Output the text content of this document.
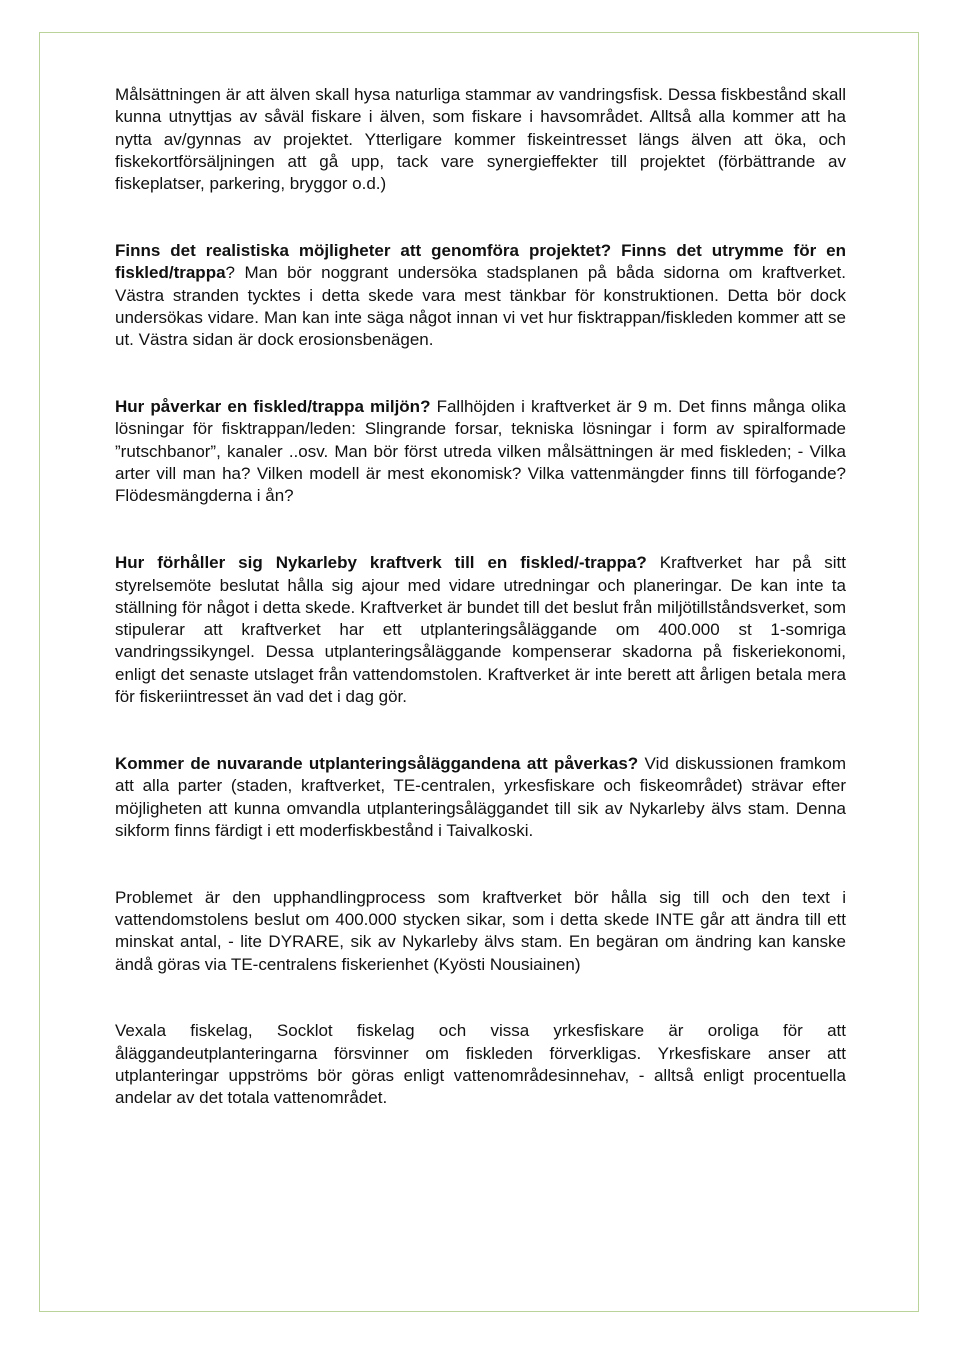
Målsättningen är att älven skall hysa naturliga stammar av vandringsfisk. Dessa fiskbestånd skall kunna utnyttjas av såväl fiskare i älven, som fiskare i havsområdet. Alltså alla kommer att ha nytta av/gynnas av projektet. Ytterligare kommer fiskeintresset längs älven att öka, och fiskekortförsäljningen att gå upp, tack vare synergieffekter till projektet (förbättrande av fiskeplatser, parkering, bryggor o.d.)

Finns det realistiska möjligheter att genomföra projektet? Finns det utrymme för en fiskled/trappa? Man bör noggrant undersöka stadsplanen på båda sidorna om kraftverket. Västra stranden tycktes i detta skede vara mest tänkbar för konstruktionen. Detta bör dock undersökas vidare. Man kan inte säga något innan vi vet hur fisktrappan/fiskleden kommer att se ut. Västra sidan är dock erosionsbenägen.

Hur påverkar en fiskled/trappa miljön? Fallhöjden i kraftverket är 9 m. Det finns många olika lösningar för fisktrappan/leden: Slingrande forsar, tekniska lösningar i form av spiralformade ”rutschbanor”, kanaler ..osv. Man bör först utreda vilken målsättningen är med fiskleden; - Vilka arter vill man ha? Vilken modell är mest ekonomisk? Vilka vattenmängder finns till förfogande? Flödesmängderna i ån?

Hur förhåller sig Nykarleby kraftverk till en fiskled/-trappa? Kraftverket har på sitt styrelsemöte beslutat hålla sig ajour med vidare utredningar och planeringar. De kan inte ta ställning för något i detta skede. Kraftverket är bundet till det beslut från miljötillståndsverket, som stipulerar att kraftverket har ett utplanteringsåläggande om 400.000 st 1-somriga vandringssikyngel. Dessa utplanteringsåläggande kompenserar skadorna på fiskeriekonomi, enligt det senaste utslaget från vattendomstolen. Kraftverket är inte berett att årligen betala mera för fiskeriintresset än vad det i dag gör.

Kommer de nuvarande utplanteringsåläggandena att påverkas? Vid diskussionen framkom att alla parter (staden, kraftverket, TE-centralen, yrkesfiskare och fiskeområdet) strävar efter möjligheten att kunna omvandla utplanteringsåläggandet till sik av Nykarleby älvs stam. Denna sikform finns färdigt i ett moderfiskbestånd i Taivalkoski.

Problemet är den upphandlingprocess som kraftverket bör hålla sig till och den text i vattendomstolens beslut om 400.000 stycken sikar, som i detta skede INTE går att ändra till ett minskat antal, - lite DYRARE, sik av Nykarleby älvs stam. En begäran om ändring kan kanske ändå göras via TE-centralens fiskerienhet (Kyösti Nousiainen)

Vexala fiskelag, Socklot fiskelag och vissa yrkesfiskare är oroliga för att åläggandeutplanteringarna försvinner om fiskleden förverkligas. Yrkesfiskare anser att utplanteringar uppströms bör göras enligt vattenområdesinnehav, - alltså enligt procentuella andelar av det totala vattenområdet.
